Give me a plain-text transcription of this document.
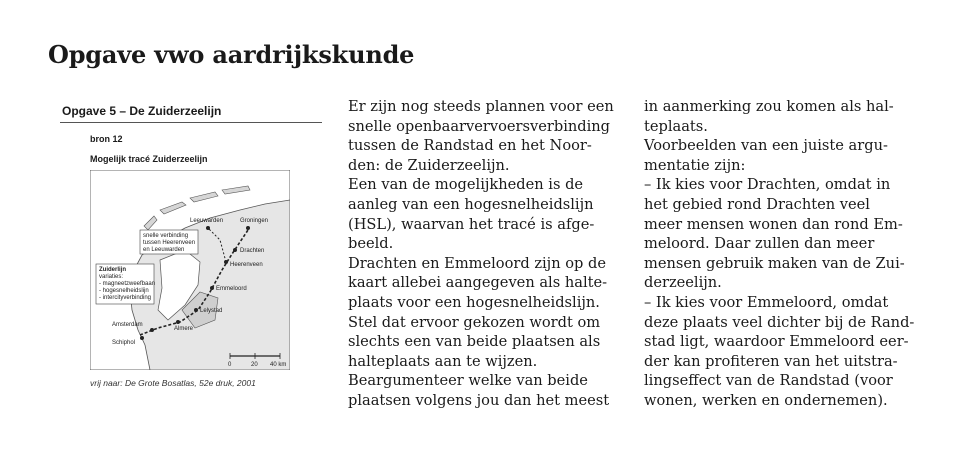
Opgave vwo aardrijkskunde
Opgave 5 – De Zuiderzeelijn
bron 12
Mogelijk tracé Zuiderzeelijn
Groningen
Leeuwarden
Drachten
Heerenveen
Emmeloord
Lelystad
Almere
Amsterdam
Schiphol
snelle verbinding
tussen Heerenveen
en Leeuwarden
Zuiderlijn
variaties:
- magneetzweefbaan
- hogesnelheidslijn
- intercityverbinding
0	20 40 km
vrij naar: De Grote Bosatlas, 52e druk, 2001

Er zijn nog steeds plannen voor een

snelle openbaarvervoersverbinding

tussen de Randstad en het Noor-

den: de Zuiderzeelijn.

Een van de mogelijkheden is de

aanleg van een hogesnelheidslijn

(HSL), waarvan het tracé is afge-

beeld.

Drachten en Emmeloord zijn op de

kaart allebei aangegeven als halte-

plaats voor een hogesnelheidslijn.

Stel dat ervoor gekozen wordt om

slechts een van beide plaatsen als

halteplaats aan te wijzen.

Beargumenteer welke van beide

plaatsen volgens jou dan het meest

in aanmerking zou komen als hal-

teplaats.

Voorbeelden van een juiste argu-

mentatie zijn:

– Ik kies voor Drachten, omdat in

het gebied rond Drachten veel

meer mensen wonen dan rond Em-

meloord. Daar zullen dan meer

mensen gebruik maken van de Zui-

derzeelijn.

– Ik kies voor Emmeloord, omdat

deze plaats veel dichter bij de Rand-

stad ligt, waardoor Emmeloord eer-

der kan profiteren van het uitstra-

lingseffect van de Randstad (voor

wonen, werken en ondernemen).
